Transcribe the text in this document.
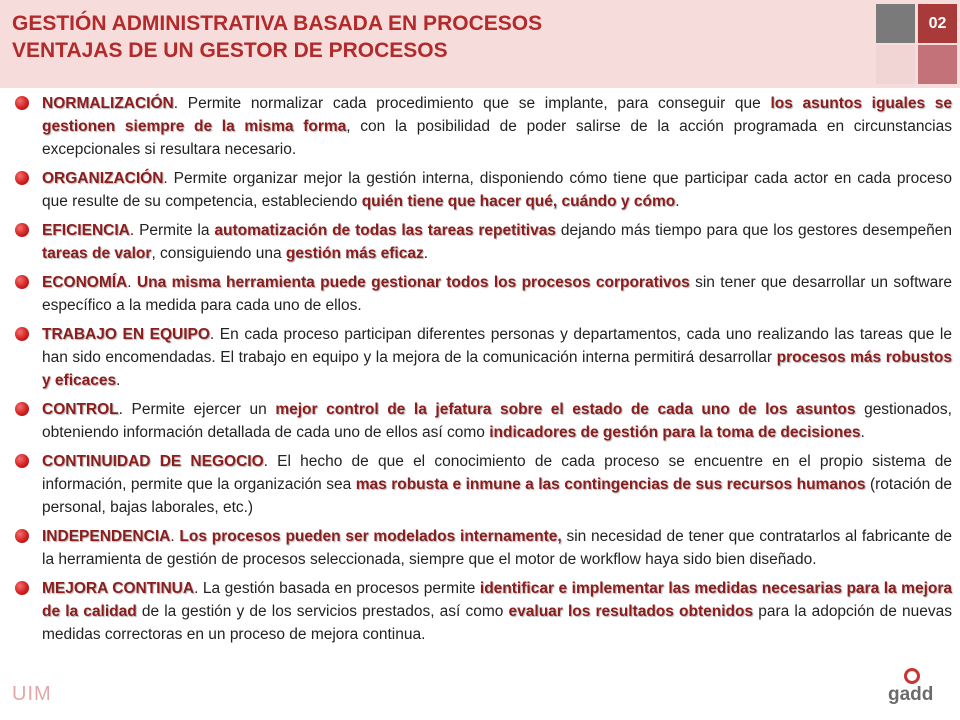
GESTIÓN ADMINISTRATIVA BASADA EN PROCESOS
VENTAJAS DE UN GESTOR DE PROCESOS
02
NORMALIZACIÓN. Permite normalizar cada procedimiento que se implante, para conseguir que los asuntos iguales se gestionen siempre de la misma forma, con la posibilidad de poder salirse de la acción programada en circunstancias excepcionales si resultara necesario.
ORGANIZACIÓN. Permite organizar mejor la gestión interna, disponiendo cómo tiene que participar cada actor en cada proceso que resulte de su competencia, estableciendo quién tiene que hacer qué, cuándo y cómo.
EFICIENCIA. Permite la automatización de todas las tareas repetitivas dejando más tiempo para que los gestores desempeñen tareas de valor, consiguiendo una gestión más eficaz.
ECONOMÍA. Una misma herramienta puede gestionar todos los procesos corporativos sin tener que desarrollar un software específico a la medida para cada uno de ellos.
TRABAJO EN EQUIPO. En cada proceso participan diferentes personas y departamentos, cada uno realizando las tareas que le han sido encomendadas. El trabajo en equipo y la mejora de la comunicación interna permitirá desarrollar procesos más robustos y eficaces.
CONTROL. Permite ejercer un mejor control de la jefatura sobre el estado de cada uno de los asuntos gestionados, obteniendo información detallada de cada uno de ellos así como indicadores de gestión para la toma de decisiones.
CONTINUIDAD DE NEGOCIO. El hecho de que el conocimiento de cada proceso se encuentre en el propio sistema de información, permite que la organización sea mas robusta e inmune a las contingencias de sus recursos humanos (rotación de personal, bajas laborales, etc.)
INDEPENDENCIA. Los procesos pueden ser modelados internamente, sin necesidad de tener que contratarlos al fabricante de la herramienta de gestión de procesos seleccionada, siempre que el motor de workflow haya sido bien diseñado.
MEJORA CONTINUA. La gestión basada en procesos permite identificar e implementar las medidas necesarias para la mejora de la calidad de la gestión y de los servicios prestados, así como evaluar los resultados obtenidos para la adopción de nuevas medidas correctoras en un proceso de mejora continua.
UIM	gadd
